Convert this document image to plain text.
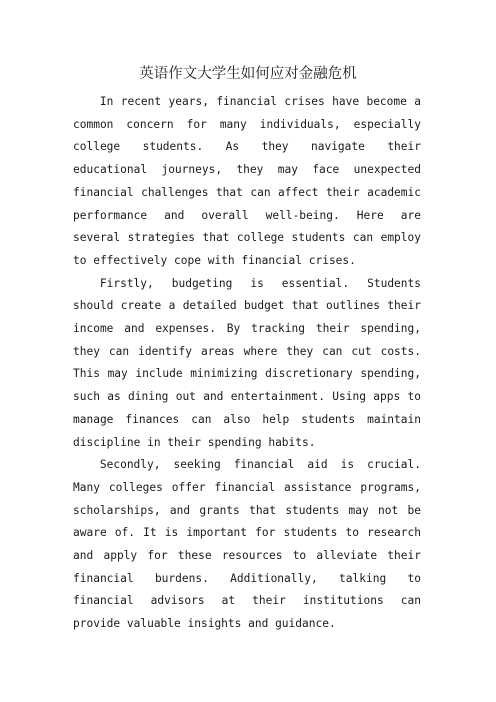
英语作文大学生如何应对金融危机

In recent years, financial crises have become a common concern for many individuals, especially college students. As they navigate their educational journeys, they may face unexpected financial challenges that can affect their academic performance and overall well-being. Here are several strategies that college students can employ to effectively cope with financial crises.

Firstly, budgeting is essential. Students should create a detailed budget that outlines their income and expenses. By tracking their spending, they can identify areas where they can cut costs. This may include minimizing discretionary spending, such as dining out and entertainment. Using apps to manage finances can also help students maintain discipline in their spending habits.

Secondly, seeking financial aid is crucial. Many colleges offer financial assistance programs, scholarships, and grants that students may not be aware of. It is important for students to research and apply for these resources to alleviate their financial burdens. Additionally, talking to financial advisors at their institutions can provide valuable insights and guidance.
